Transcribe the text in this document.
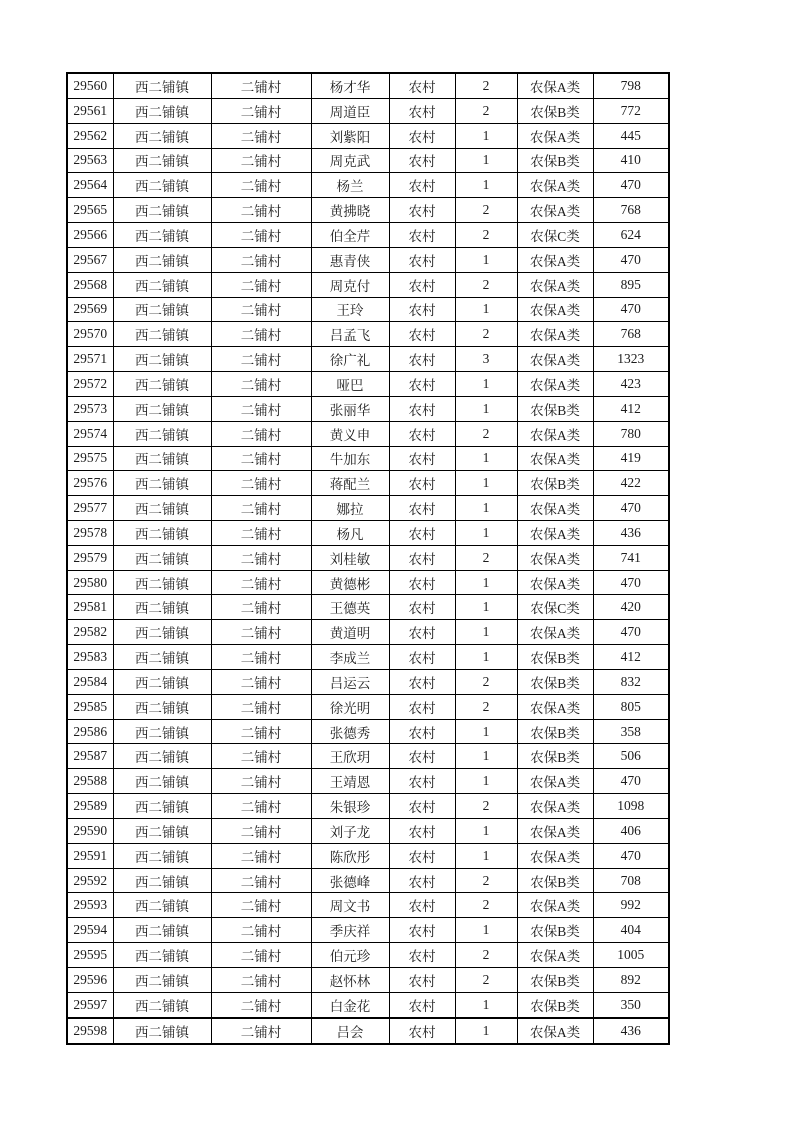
29560	西二铺镇	二铺村	杨才华	农村	2	农保A类	798
29561	西二铺镇	二铺村	周道臣	农村	2	农保B类	772
29562	西二铺镇	二铺村	刘紫阳	农村	1	农保A类	445
29563	西二铺镇	二铺村	周克武	农村	1	农保B类	410
29564	西二铺镇	二铺村	杨兰	农村	1	农保A类	470
29565	西二铺镇	二铺村	黄拂晓	农村	2	农保A类	768
29566	西二铺镇	二铺村	伯全芹	农村	2	农保C类	624
29567	西二铺镇	二铺村	惠青侠	农村	1	农保A类	470
29568	西二铺镇	二铺村	周克付	农村	2	农保A类	895
29569	西二铺镇	二铺村	王玲	农村	1	农保A类	470
29570	西二铺镇	二铺村	吕孟飞	农村	2	农保A类	768
29571	西二铺镇	二铺村	徐广礼	农村	3	农保A类	1323
29572	西二铺镇	二铺村	哑巴	农村	1	农保A类	423
29573	西二铺镇	二铺村	张丽华	农村	1	农保B类	412
29574	西二铺镇	二铺村	黄义申	农村	2	农保A类	780
29575	西二铺镇	二铺村	牛加东	农村	1	农保A类	419
29576	西二铺镇	二铺村	蒋配兰	农村	1	农保B类	422
29577	西二铺镇	二铺村	娜拉	农村	1	农保A类	470
29578	西二铺镇	二铺村	杨凡	农村	1	农保A类	436
29579	西二铺镇	二铺村	刘桂敏	农村	2	农保A类	741
29580	西二铺镇	二铺村	黄德彬	农村	1	农保A类	470
29581	西二铺镇	二铺村	王德英	农村	1	农保C类	420
29582	西二铺镇	二铺村	黄道明	农村	1	农保A类	470
29583	西二铺镇	二铺村	李成兰	农村	1	农保B类	412
29584	西二铺镇	二铺村	吕运云	农村	2	农保B类	832
29585	西二铺镇	二铺村	徐光明	农村	2	农保A类	805
29586	西二铺镇	二铺村	张德秀	农村	1	农保B类	358
29587	西二铺镇	二铺村	王欣玥	农村	1	农保B类	506
29588	西二铺镇	二铺村	王靖恩	农村	1	农保A类	470
29589	西二铺镇	二铺村	朱银珍	农村	2	农保A类	1098
29590	西二铺镇	二铺村	刘子龙	农村	1	农保A类	406
29591	西二铺镇	二铺村	陈欣彤	农村	1	农保A类	470
29592	西二铺镇	二铺村	张德峰	农村	2	农保B类	708
29593	西二铺镇	二铺村	周文书	农村	2	农保A类	992
29594	西二铺镇	二铺村	季庆祥	农村	1	农保B类	404
29595	西二铺镇	二铺村	伯元珍	农村	2	农保A类	1005
29596	西二铺镇	二铺村	赵怀林	农村	2	农保B类	892
29597	西二铺镇	二铺村	白金花	农村	1	农保B类	350
29598	西二铺镇	二铺村	吕会	农村	1	农保A类	436
